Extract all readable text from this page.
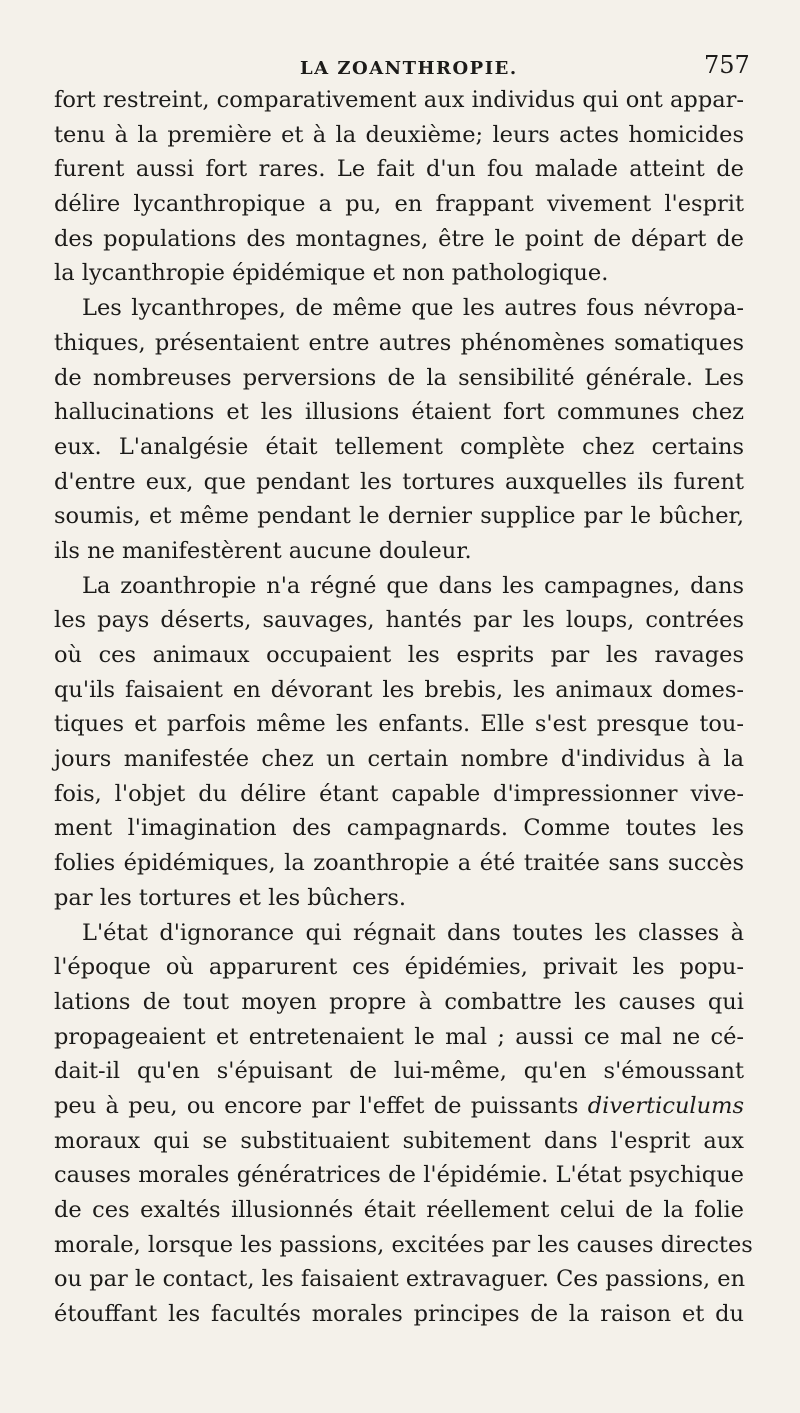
LA ZOANTHROPIE.	757
fort restreint, comparativement aux individus qui ont appar-
tenu à la première et à la deuxième; leurs actes homicides
furent aussi fort rares. Le fait d'un fou malade atteint de
délire lycanthropique a pu, en frappant vivement l'esprit
des populations des montagnes, être le point de départ de
la lycanthropie épidémique et non pathologique.
Les lycanthropes, de même que les autres fous névropa-
thiques, présentaient entre autres phénomènes somatiques
de nombreuses perversions de la sensibilité générale. Les
hallucinations et les illusions étaient fort communes chez
eux. L'analgésie était tellement complète chez certains
d'entre eux, que pendant les tortures auxquelles ils furent
soumis, et même pendant le dernier supplice par le bûcher,
ils ne manifestèrent aucune douleur.
La zoanthropie n'a régné que dans les campagnes, dans
les pays déserts, sauvages, hantés par les loups, contrées
où ces animaux occupaient les esprits par les ravages
qu'ils faisaient en dévorant les brebis, les animaux domes-
tiques et parfois même les enfants. Elle s'est presque tou-
jours manifestée chez un certain nombre d'individus à la
fois, l'objet du délire étant capable d'impressionner vive-
ment l'imagination des campagnards. Comme toutes les
folies épidémiques, la zoanthropie a été traitée sans succès
par les tortures et les bûchers.
L'état d'ignorance qui régnait dans toutes les classes à
l'époque où apparurent ces épidémies, privait les popu-
lations de tout moyen propre à combattre les causes qui
propageaient et entretenaient le mal ; aussi ce mal ne cé-
dait-il qu'en s'épuisant de lui-même, qu'en s'émoussant
peu à peu, ou encore par l'effet de puissants diverticulums
moraux qui se substituaient subitement dans l'esprit aux
causes morales génératrices de l'épidémie. L'état psychique
de ces exaltés illusionnés était réellement celui de la folie
morale, lorsque les passions, excitées par les causes directes
ou par le contact, les faisaient extravaguer. Ces passions, en
étouffant les facultés morales principes de la raison et du
